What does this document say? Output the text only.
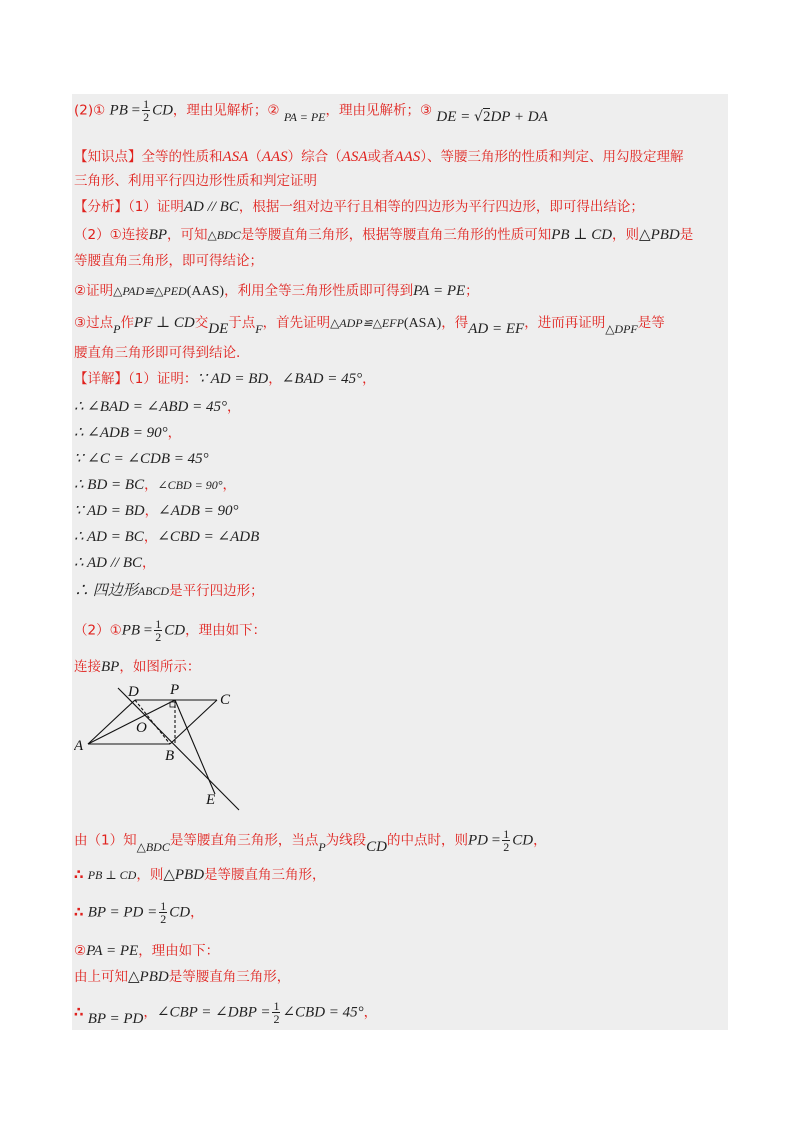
(2)① PB = $\frac{1}{2}$ CD，理由见解析；② PA = PE，理由见解析；③ DE = √2DP + DA
【知识点】全等的性质和ASA（AAS）综合（ASA或者AAS）、等腰三角形的性质和判定、用勾股定理解
三角形、利用平行四边形性质和判定证明
【分析】（1）证明AD // BC，根据一组对边平行且相等的四边形为平行四边形，即可得出结论；
（2）①连接BP，可知△BDC是等腰直角三角形，根据等腰直角三角形的性质可知PB ⊥ CD，则△PBD是
等腰直角三角形，即可得结论；
②证明△PAD≌△PED(AAS)，利用全等三角形性质即可得到PA = PE；
③过点P作PF ⊥ CD交DE于点F，首先证明△ADP≌△EFP(ASA)，得AD = EF，进而再证明△DPF是等
腰直角三角形即可得到结论.
【详解】（1）证明：∵ AD = BD，∠BAD = 45°，
∴ ∠BAD = ∠ABD = 45°，
∴ ∠ADB = 90°，
∵ ∠C = ∠CDB = 45°
∴ BD = BC，∠CBD = 90°，
∵ AD = BD，∠ADB = 90°
∴ AD = BC，∠CBD = ∠ADB
∴ AD // BC，
∴ 四边形ABCD是平行四边形；
（2）①PB = $\frac{1}{2}$ CD，理由如下：
连接BP，如图所示：
D P
C
O
A
B
E
由（1）知△BDC是等腰直角三角形，当点P为线段CD的中点时，则PD = $\frac{1}{2}$ CD，
∴ PB ⊥ CD，则△PBD是等腰直角三角形，
∴ BP = PD = $\frac{1}{2}$ CD，
②PA = PE，理由如下：
由上可知△PBD是等腰直角三角形，
∴ BP = PD，∠CBP = ∠DBP = $\frac{1}{2}$ ∠CBD = 45°，
